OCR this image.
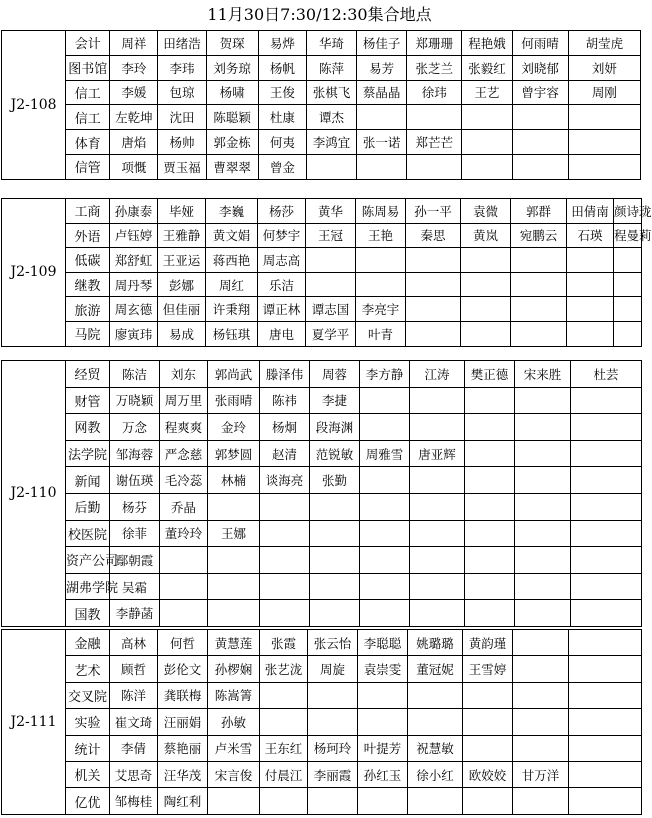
11月30日7:30/12:30集合地点
J2-108	会计	周祥	田绪浩	贺琛	易烨	华琦	杨佳子	郑珊珊	程艳娥	何雨晴	胡莹虎
	图书馆	李玲	李玮	刘务琼	杨帆	陈萍	易芳	张芝兰	张毅红	刘晓郁	刘妍
	信工	李媛	包琼	杨啸	王俊	张棋飞	蔡晶晶	徐玮	王艺	曾宇容	周刚
	信工	左乾坤	沈田	陈聪颖	杜康	谭杰					
	体育	唐焰	杨帅	郭金栋	何夷	李鸿宜	张一诺	郑芒芒			
	信管	项慨	贾玉福	曹翠翠	曾金						
J2-109	工商	孙康泰	毕娅	李巍	杨莎	黄华	陈周易	孙一平	袁微	郭群	田倩南	颜诗珑
	外语	卢钰婷	王雅静	黄文娟	何梦宇	王冠	王艳	秦思	黄岚	宛鹏云	石瑛	程曼莉
	低碳	郑舒虹	王亚运	蒋西艳	周志高							
	继教	周丹琴	彭娜	周红	乐洁							
	旅游	周玄德	但佳丽	许秉翔	谭正林	谭志国	李亮宇					
	马院	廖寅玮	易成	杨钰琪	唐电	夏学平	叶青					
J2-110	经贸	陈洁	刘东	郭尚武	滕泽伟	周蓉	李方静	江涛	樊正德	宋来胜	杜芸
	财管	万晓颖	周万里	张雨晴	陈祎	李捷					
	网教	万念	程爽爽	金玲	杨炯	段海渊					
	法学院	邹海蓉	严念慈	郭梦圆	赵清	范锐敏	周雅雪	唐亚辉			
	新闻	谢伍瑛	毛冷蕊	林楠	谈海亮	张勤					
	后勤	杨芬	乔晶								
	校医院	徐菲	董玲玲	王娜							
	资产公司	鄢朝霞									
	湖弗学院	吴霜									
	国教	李静菡									
J2-111	金融	高林	何哲	黄慧莲	张霞	张云怡	李聪聪	姚璐璐	黄韵瑾		
	艺术	顾哲	彭伦文	孙椤娴	张艺泷	周旋	袁崇雯	董冠妮	王雪婷		
	交叉院	陈洋	龚联梅	陈嵩箐							
	实验	崔文琦	汪丽娟	孙敏							
	统计	李倩	蔡艳丽	卢米雪	王东红	杨珂玲	叶提芳	祝慧敏			
	机关	艾思奇	汪华茂	宋言俊	付晨江	李丽霞	孙红玉	徐小红	欧姣姣	甘万洋	
	亿优	邹梅桂	陶红利								
